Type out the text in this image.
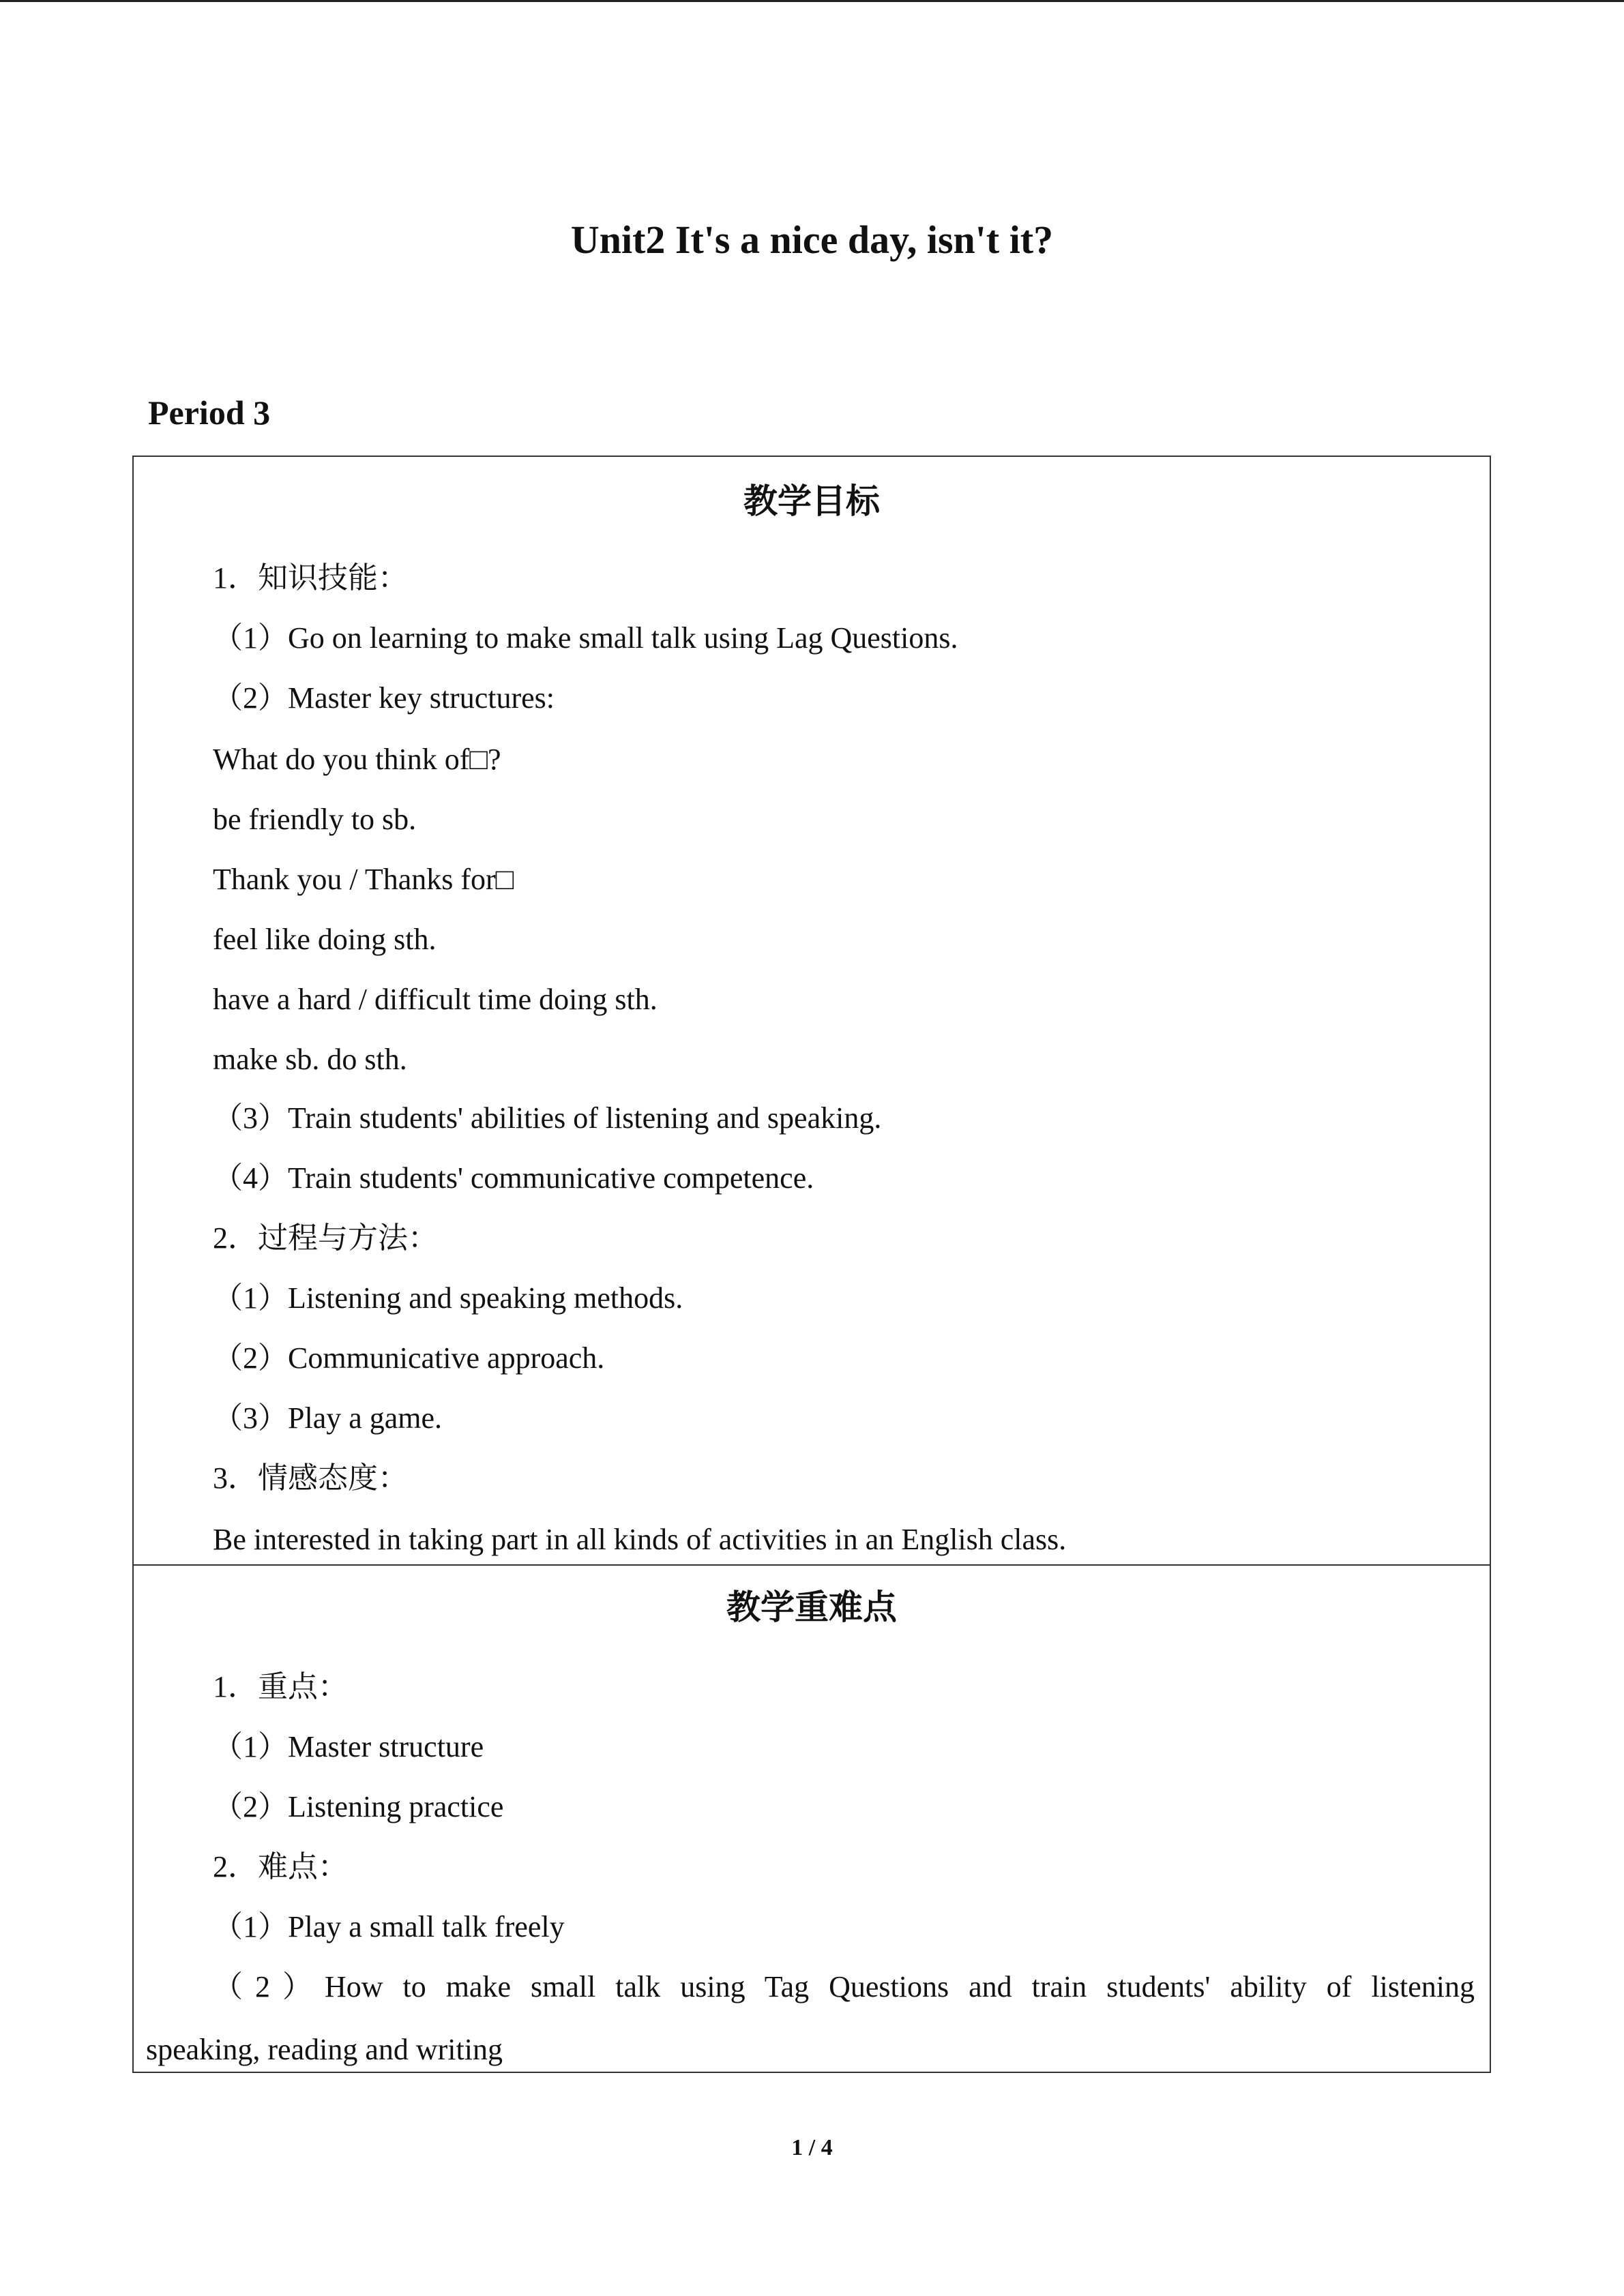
Unit2 It's a nice day, isn't it?
Period 3
教学目标
1．知识技能：
（1）Go on learning to make small talk using Lag Questions.
（2）Master key structures:
What do you think of□?
be friendly to sb.
Thank you / Thanks for□
feel like doing sth.
have a hard / difficult time doing sth.
make sb. do sth.
（3）Train students' abilities of listening and speaking.
（4）Train students' communicative competence.
2．过程与方法：
（1）Listening and speaking methods.
（2）Communicative approach.
（3）Play a game.
3．情感态度：
Be interested in taking part in all kinds of activities in an English class.
教学重难点
1．重点：
（1）Master structure
（2）Listening practice
2．难点：
（1）Play a small talk freely
（2）How to make small talk using Tag Questions and train students' ability of listening
speaking, reading and writing
1 / 4
